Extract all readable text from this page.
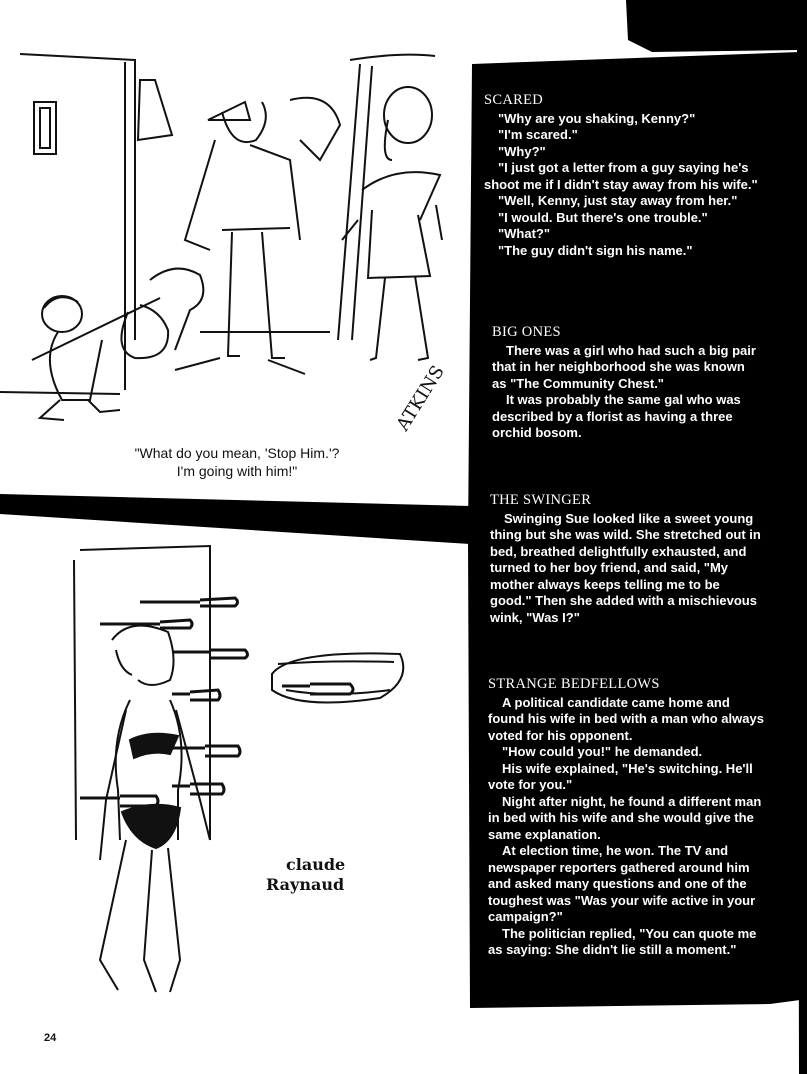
ATKINS
"What do you mean, 'Stop Him.'?
I'm going with him!"
claude
Raynaud
SCARED

"Why are you shaking, Kenny?"

"I'm scared."

"Why?"

"I just got a letter from a guy saying he's shoot me if I didn't stay away from his wife."

"Well, Kenny, just stay away from her."

"I would. But there's one trouble."

"What?"

"The guy didn't sign his name."

BIG ONES

There was a girl who had such a big pair that in her neighborhood she was known as "The Community Chest."

It was probably the same gal who was described by a florist as having a three orchid bosom.

THE SWINGER

Swinging Sue looked like a sweet young thing but she was wild. She stretched out in bed, breathed delightfully exhausted, and turned to her boy friend, and said, "My mother always keeps telling me to be good." Then she added with a mischievous wink, "Was I?"

STRANGE BEDFELLOWS

A political candidate came home and found his wife in bed with a man who always voted for his opponent.

"How could you!" he demanded.

His wife explained, "He's switching. He'll vote for you."

Night after night, he found a different man in bed with his wife and she would give the same explanation.

At election time, he won. The TV and newspaper reporters gathered around him and asked many questions and one of the toughest was "Was your wife active in your campaign?"

The politician replied, "You can quote me as saying: She didn't lie still a moment."

24
